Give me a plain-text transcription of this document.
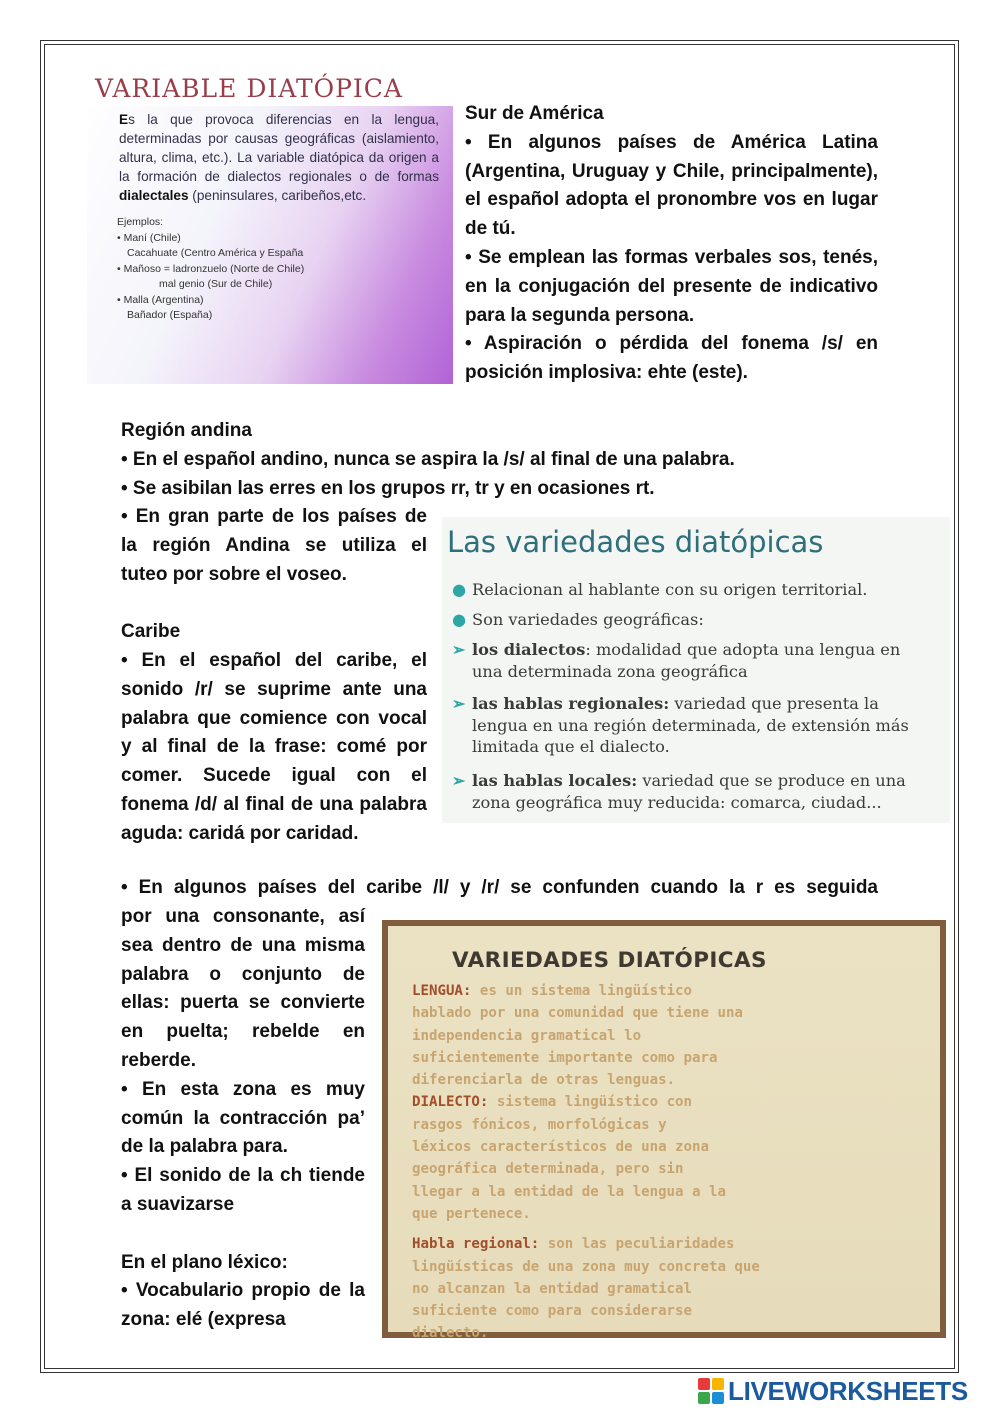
VARIABLE DIATÓPICA
Es la que provoca diferencias en la lengua, determinadas por causas geográficas (aislamiento, altura, clima, etc.). La variable diatópica da origen a la formación de dialectos regionales o de formas dialectales (peninsulares, caribeños,etc.
Ejemplos:
• Maní (Chile)
Cacahuate (Centro América y España
• Mañoso = ladronzuelo (Norte de Chile)
mal genio (Sur de Chile)
• Malla (Argentina)
Bañador (España)

Sur de América

• En algunos países de América Latina (Argentina, Uruguay y Chile, principalmente), el español adopta el pronombre vos en lugar de tú.

• Se emplean las formas verbales sos, tenés, en la conjugación del presente de indicativo para la segunda persona.

• Aspiración o pérdida del fonema /s/ en posición implosiva: ehte (este).

Región andina

• En el español andino, nunca se aspira la /s/ al final de una palabra.

• Se asibilan las erres en los grupos rr, tr y en ocasiones rt.

• En gran parte de los países de la región Andina se utiliza el tuteo por sobre el voseo.

Caribe

• En el español del caribe, el sonido /r/ se suprime ante una palabra que comience con vocal y al final de la frase: comé por comer. Sucede igual con el fonema /d/ al final de una palabra aguda: caridá por caridad.

Las variedades diatópicas
● Relacionan al hablante con su origen territorial.
● Son variedades geográficas:
➢ los dialectos: modalidad que adopta una lengua en
una determinada zona geográfica
➢ las hablas regionales: variedad que presenta la
lengua en una región determinada, de extensión más
limitada que el dialecto.
➢ las hablas locales: variedad que se produce en una
zona geográfica muy reducida: comarca, ciudad...

• En algunos países del caribe /l/ y /r/ se confunden cuando la r es seguida

por una consonante, así sea dentro de una misma palabra o conjunto de ellas: puerta se convierte en puelta; rebelde en reberde.

• En esta zona es muy común la contracción pa’ de la palabra para.

• El sonido de la ch tiende a suavizarse

En el plano léxico:

• Vocabulario propio de la zona: elé (expresa

VARIEDADES DIATÓPICAS
LENGUA: es un sistema lingüístico
hablado por una comunidad que tiene una
independencia gramatical lo
suficientemente importante como para
diferenciarla de otras lenguas.
DIALECTO: sistema lingüístico con
rasgos fónicos, morfológicas y
léxicos característicos de una zona
geográfica determinada, pero sin
llegar a la entidad de la lengua a la
que pertenece.
Habla regional: son las peculiaridades
lingüísticas de una zona muy concreta que
no alcanzan la entidad gramatical
suficiente como para considerarse
dialecto.
LIVEWORKSHEETS
